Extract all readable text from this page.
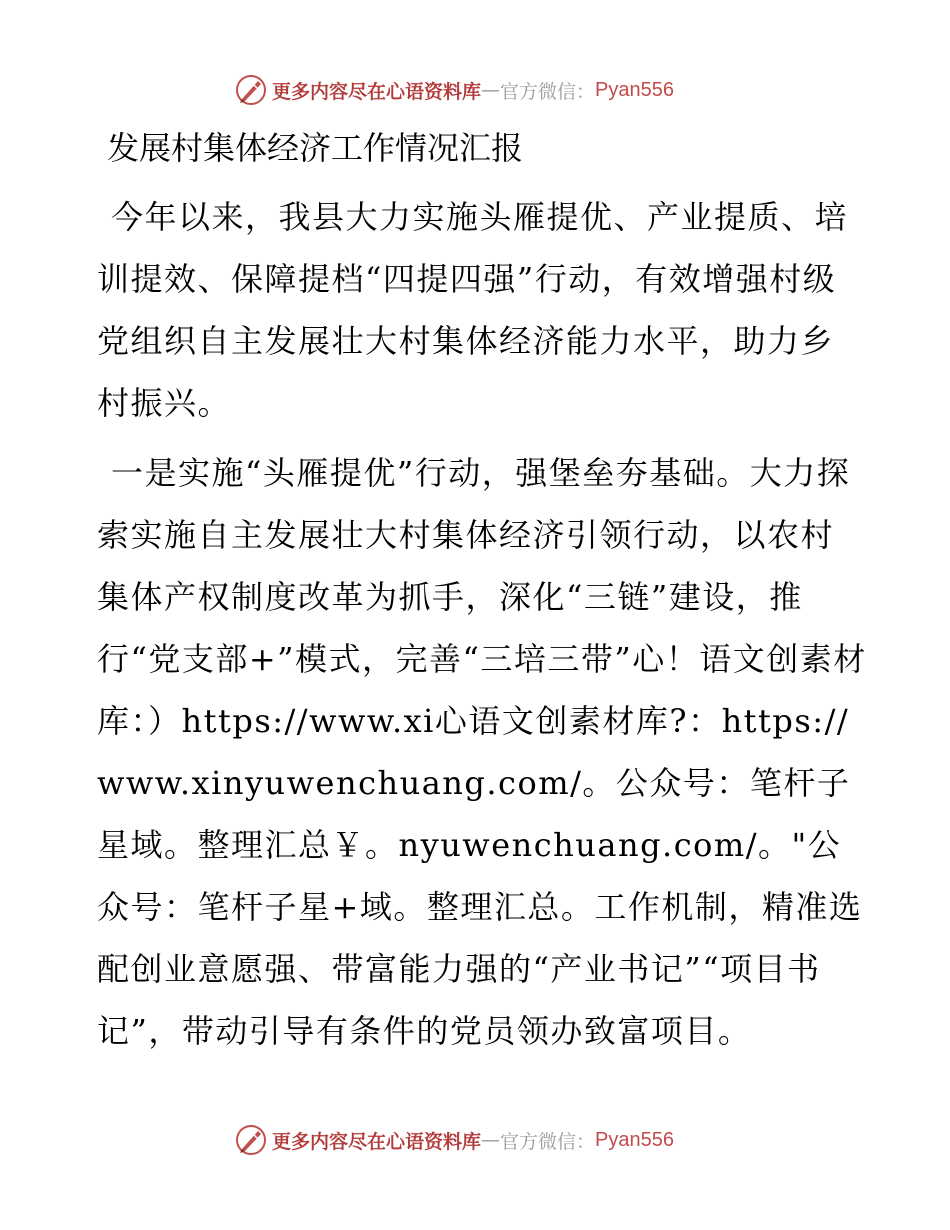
更多内容尽在心语资料库 — 官方微信： Pyan556
发展村集体经济工作情况汇报

今年以来，我县大力实施头雁提优、产业提质、培训提效、保障提档“四提四强”行动，有效增强村级党组织自主发展壮大村集体经济能力水平，助力乡村振兴。

一是实施“头雁提优”行动，强堡垒夯基础。大力探索实施自主发展壮大村集体经济引领行动，以农村集体产权制度改革为抓手，深化“三链”建设，推行“党支部+”模式，完善“三培三带”心！语文创素材库：）https://www.xi心语文创素材库?：https://www.xinyuwenchuang.com/。公众号：笔杆子星域。整理汇总￥。nyuwenchuang.com/。"公众号：笔杆子星+域。整理汇总。工作机制，精准选配创业意愿强、带富能力强的“产业书记”“项目书记”，带动引导有条件的党员领办致富项目。

更多内容尽在心语资料库 — 官方微信： Pyan556
